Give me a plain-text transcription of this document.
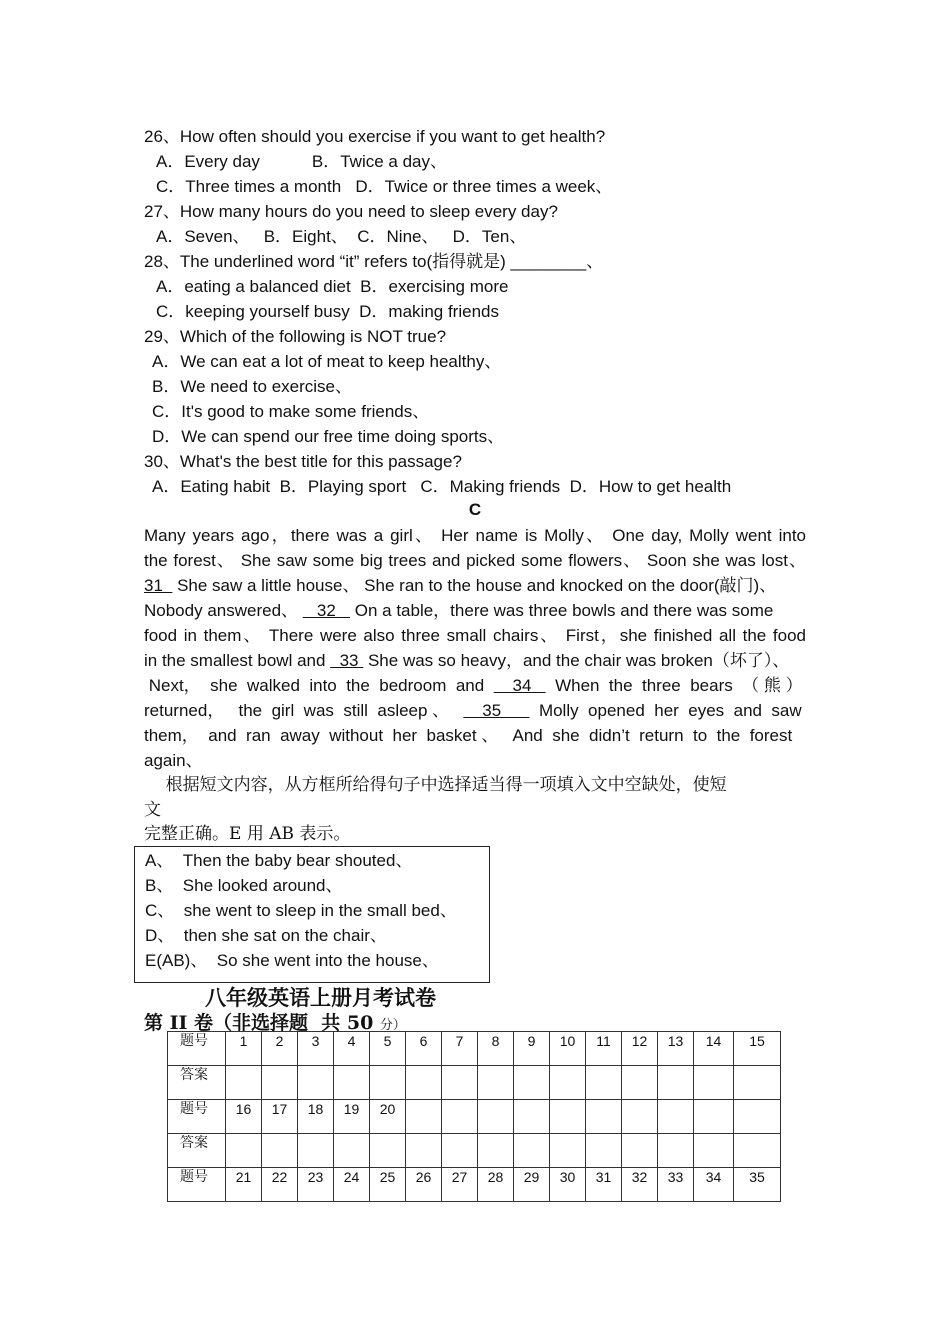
26、How often should you exercise if you want to get health?
A．Every day           B．Twice a day、
C．Three times a month   D．Twice or three times a week、
27、How many hours do you need to sleep every day?
A．Seven、   B．Eight、  C．Nine、   D．Ten、
28、The underlined word “it” refers to(指得就是) ________、
A．eating a balanced diet  B．exercising more
C．keeping yourself busy  D．making friends
29、Which of the following is NOT true?
A．We can eat a lot of meat to keep healthy、
B．We need to exercise、
C．It's good to make some friends、
D．We can spend our free time doing sports、
30、What's the best title for this passage?
A．Eating habit  B．Playing sport   C．Making friends  D．How to get health
C
Many years ago，there was a girl、 Her name is Molly、 One day, Molly went into
the forest、 She saw some big trees and picked some flowers、 Soon she was lost、
31   She saw a little house、 She ran to the house and knocked on the door(敲门)、
Nobody answered、    32    On a table，there was three bowls and there was some
food in them、 There were also three small chairs、 First，she finished all the food
in the smallest bowl and   33  She was so heavy，and the chair was broken（坏了）、
Next，  she  walked  into  the  bedroom  and      34     When  the  three  bears  （ 熊 ）
returned，   the  girl  was  still  asleep 、       35        Molly  opened  her  eyes  and  saw
them，  and  ran  away  without  her  basket 、   And  she  didn’t  return  to  the  forest
again、
根据短文内容，从方框所给得句子中选择适当得一项填入文中空缺处，使短
文
完整正确。E 用 AB 表示。
A、  Then the baby bear shouted、
B、  She looked around、
C、  she went to sleep in the small bed、
D、  then she sat on the chair、
E(AB)、  So she went into the house、
八年级英语上册月考试卷
第 II 卷（非选择题  共 50 分）
题号	1	2	3	4	5	6	7	8	9	10	11	12	13	14	15
答案															
题号	16	17	18	19	20										
答案															
题号	21	22	23	24	25	26	27	28	29	30	31	32	33	34	35
